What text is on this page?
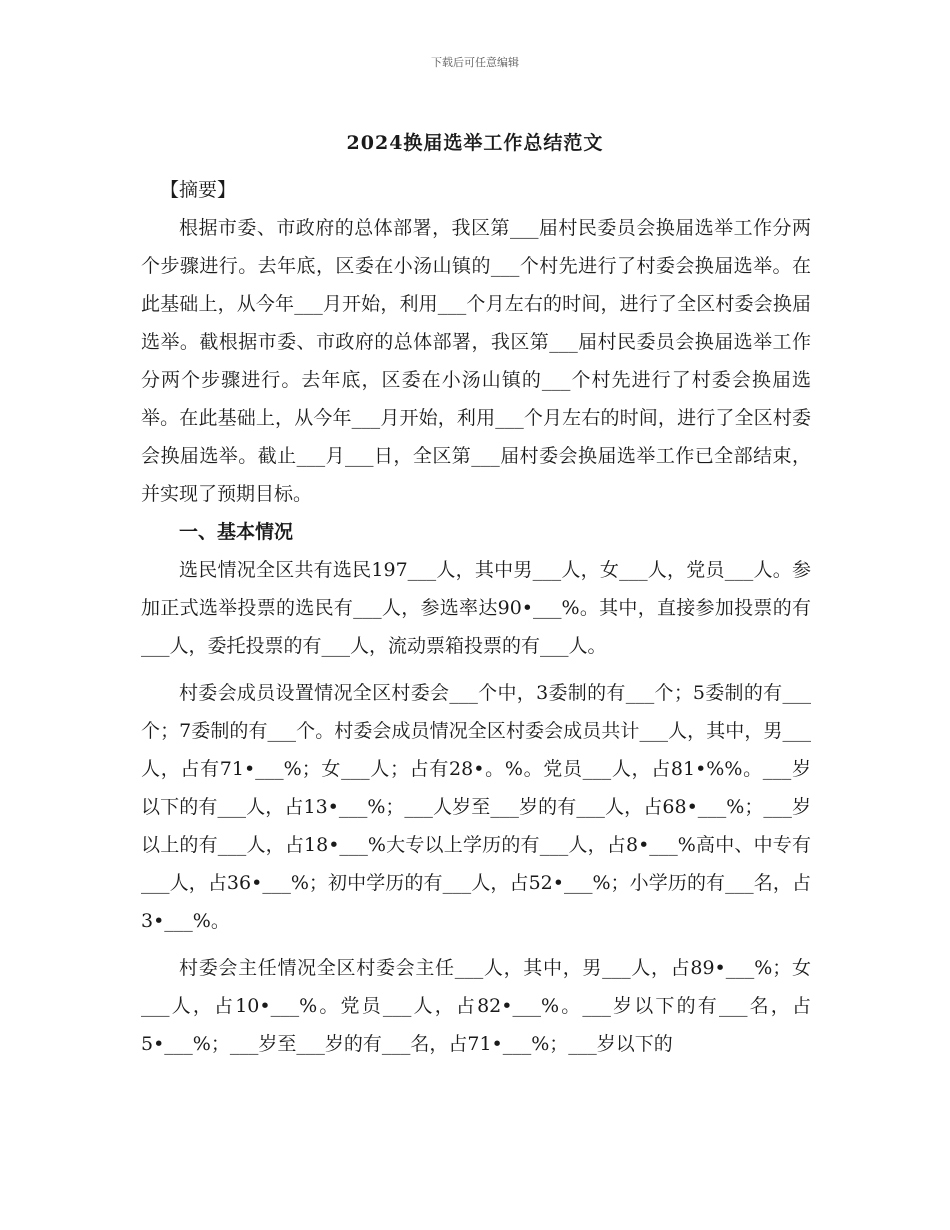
下载后可任意编辑
2024换届选举工作总结范文

【摘要】

根据市委、市政府的总体部署，我区第___届村民委员会换届选举工作分两个步骤进行。去年底，区委在小汤山镇的___个村先进行了村委会换届选举。在此基础上，从今年___月开始，利用___个月左右的时间，进行了全区村委会换届选举。截根据市委、市政府的总体部署，我区第___届村民委员会换届选举工作分两个步骤进行。去年底，区委在小汤山镇的___个村先进行了村委会换届选举。在此基础上，从今年___月开始，利用___个月左右的时间，进行了全区村委会换届选举。截止___月___日，全区第___届村委会换届选举工作已全部结束，并实现了预期目标。

一、基本情况

选民情况全区共有选民197___人，其中男___人，女___人，党员___人。参加正式选举投票的选民有___人，参选率达90•___%。其中，直接参加投票的有___人，委托投票的有___人，流动票箱投票的有___人。

村委会成员设置情况全区村委会___个中，3委制的有___个；5委制的有___个；7委制的有___个。村委会成员情况全区村委会成员共计___人，其中，男___人，占有71•___%；女___人；占有28•。%。党员___人，占81•%%。___岁以下的有___人，占13•___%；___人岁至___岁的有___人，占68•___%；___岁以上的有___人，占18•___%大专以上学历的有___人，占8•___%高中、中专有___人，占36•___%；初中学历的有___人，占52•___%；小学历的有___名，占3•___%。

村委会主任情况全区村委会主任___人，其中，男___人，占89•___%；女___人，占10•___%。党员___人，占82•___%。___岁以下的有___名，占5•___%；___岁至___岁的有___名，占71•___%；___岁以下的
